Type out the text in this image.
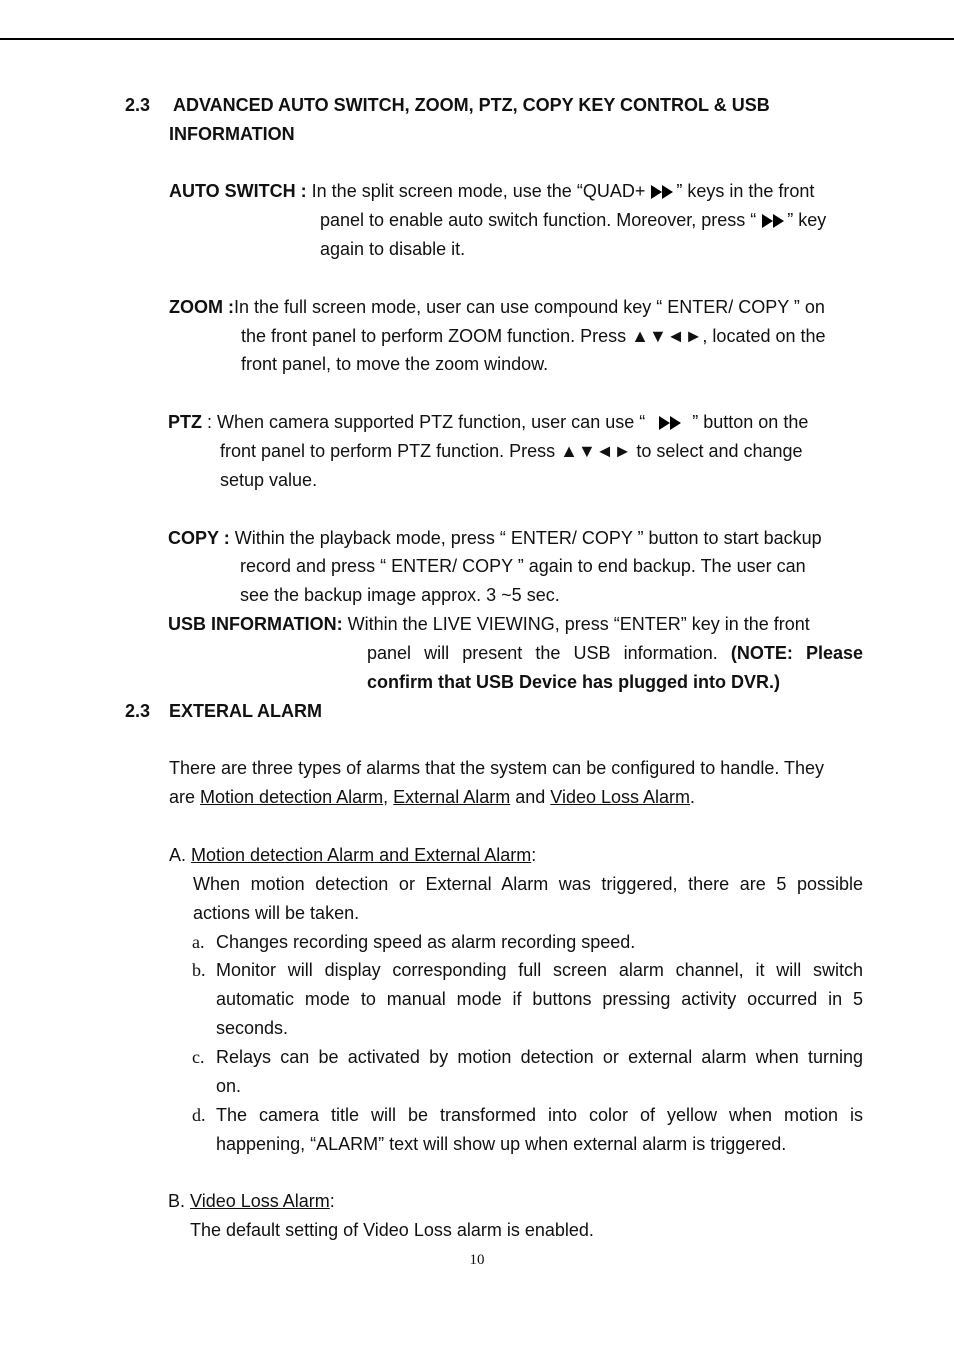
2.3 ADVANCED AUTO SWITCH, ZOOM, PTZ, COPY KEY CONTROL & USB
INFORMATION
AUTO SWITCH : In the split screen mode, use the “QUAD+ ” keys in the front
panel to enable auto switch function. Moreover, press “ ” key
again to disable it.
ZOOM :In the full screen mode, user can use compound key “ ENTER/ COPY ” on
the front panel to perform ZOOM function. Press ▲▼◄►, located on the
front panel, to move the zoom window.
PTZ : When camera supported PTZ function, user can use “	” button on the
front panel to perform PTZ function. Press ▲▼◄► to select and change
setup value.
COPY : Within the playback mode, press “ ENTER/ COPY ” button to start backup
record and press “ ENTER/ COPY ” again to end backup. The user can
see the backup image approx. 3 ~5 sec.
USB INFORMATION: Within the LIVE VIEWING, press “ENTER” key in the front
panel will present the USB information. (NOTE: Please
confirm that USB Device has plugged into DVR.)
2.3 EXTERAL ALARM
There are three types of alarms that the system can be configured to handle. They
are Motion detection Alarm, External Alarm and Video Loss Alarm.
A. Motion detection Alarm and External Alarm:
When motion detection or External Alarm was triggered, there are 5 possible
actions will be taken.
a. Changes recording speed as alarm recording speed.
b. Monitor will display corresponding full screen alarm channel, it will switch
automatic mode to manual mode if buttons pressing activity occurred in 5
seconds.
c. Relays can be activated by motion detection or external alarm when turning
on.
d. The camera title will be transformed into color of yellow when motion is
happening, “ALARM” text will show up when external alarm is triggered.
B. Video Loss Alarm:
The default setting of Video Loss alarm is enabled.
10
